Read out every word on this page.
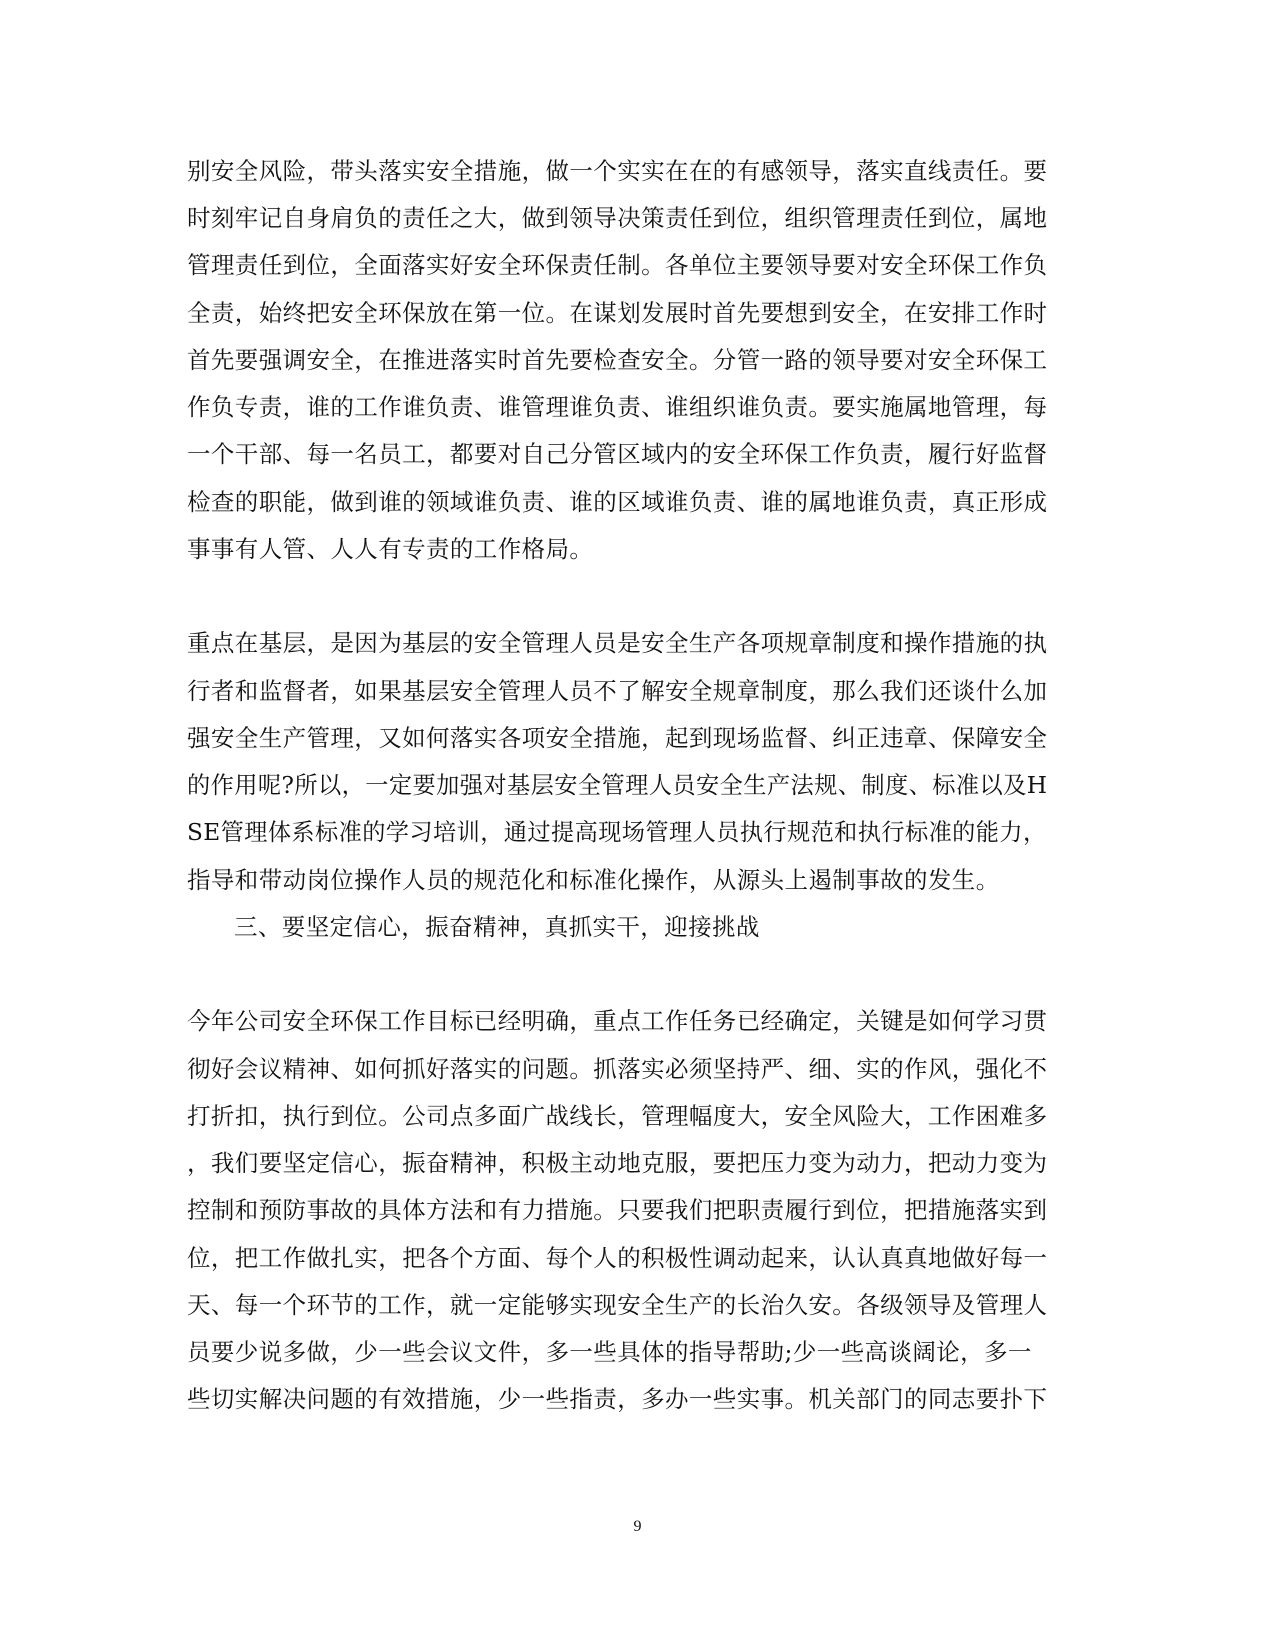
别安全风险，带头落实安全措施，做一个实实在在的有感领导，落实直线责任。要
时刻牢记自身肩负的责任之大，做到领导决策责任到位，组织管理责任到位，属地
管理责任到位，全面落实好安全环保责任制。各单位主要领导要对安全环保工作负
全责，始终把安全环保放在第一位。在谋划发展时首先要想到安全，在安排工作时
首先要强调安全，在推进落实时首先要检查安全。分管一路的领导要对安全环保工
作负专责，谁的工作谁负责、谁管理谁负责、谁组织谁负责。要实施属地管理，每
一个干部、每一名员工，都要对自己分管区域内的安全环保工作负责，履行好监督
检查的职能，做到谁的领域谁负责、谁的区域谁负责、谁的属地谁负责，真正形成
事事有人管、人人有专责的工作格局。
重点在基层，是因为基层的安全管理人员是安全生产各项规章制度和操作措施的执
行者和监督者，如果基层安全管理人员不了解安全规章制度，那么我们还谈什么加
强安全生产管理，又如何落实各项安全措施，起到现场监督、纠正违章、保障安全
的作用呢?所以，一定要加强对基层安全管理人员安全生产法规、制度、标准以及H
SE管理体系标准的学习培训，通过提高现场管理人员执行规范和执行标准的能力，
指导和带动岗位操作人员的规范化和标准化操作，从源头上遏制事故的发生。
三、要坚定信心，振奋精神，真抓实干，迎接挑战
今年公司安全环保工作目标已经明确，重点工作任务已经确定，关键是如何学习贯
彻好会议精神、如何抓好落实的问题。抓落实必须坚持严、细、实的作风，强化不
打折扣，执行到位。公司点多面广战线长，管理幅度大，安全风险大，工作困难多
，我们要坚定信心，振奋精神，积极主动地克服，要把压力变为动力，把动力变为
控制和预防事故的具体方法和有力措施。只要我们把职责履行到位，把措施落实到
位，把工作做扎实，把各个方面、每个人的积极性调动起来，认认真真地做好每一
天、每一个环节的工作，就一定能够实现安全生产的长治久安。各级领导及管理人
员要少说多做，少一些会议文件，多一些具体的指导帮助;少一些高谈阔论，多一
些切实解决问题的有效措施，少一些指责，多办一些实事。机关部门的同志要扑下
9
